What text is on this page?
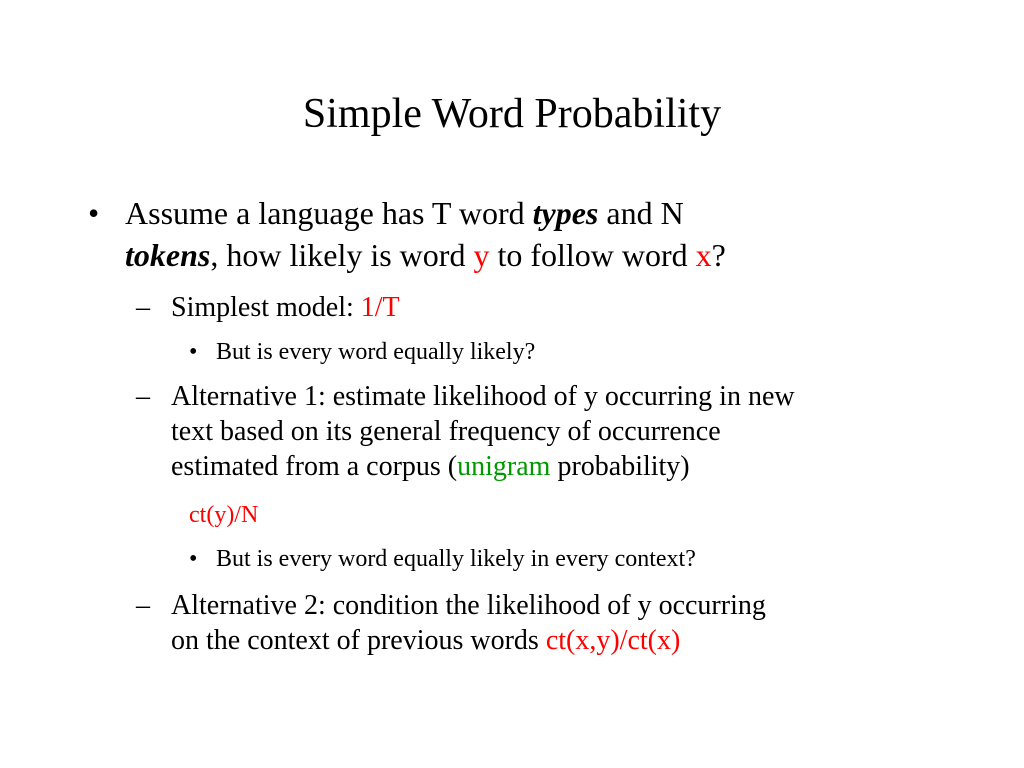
Simple Word Probability
• Assume a language has T word types and N
tokens, how likely is word y to follow word x?
– Simplest model: 1/T
• But is every word equally likely?
– Alternative 1: estimate likelihood of y occurring in new
text based on its general frequency of occurrence
estimated from a corpus (unigram probability)
ct(y)/N
• But is every word equally likely in every context?
– Alternative 2: condition the likelihood of y occurring
on the context of previous words ct(x,y)/ct(x)
